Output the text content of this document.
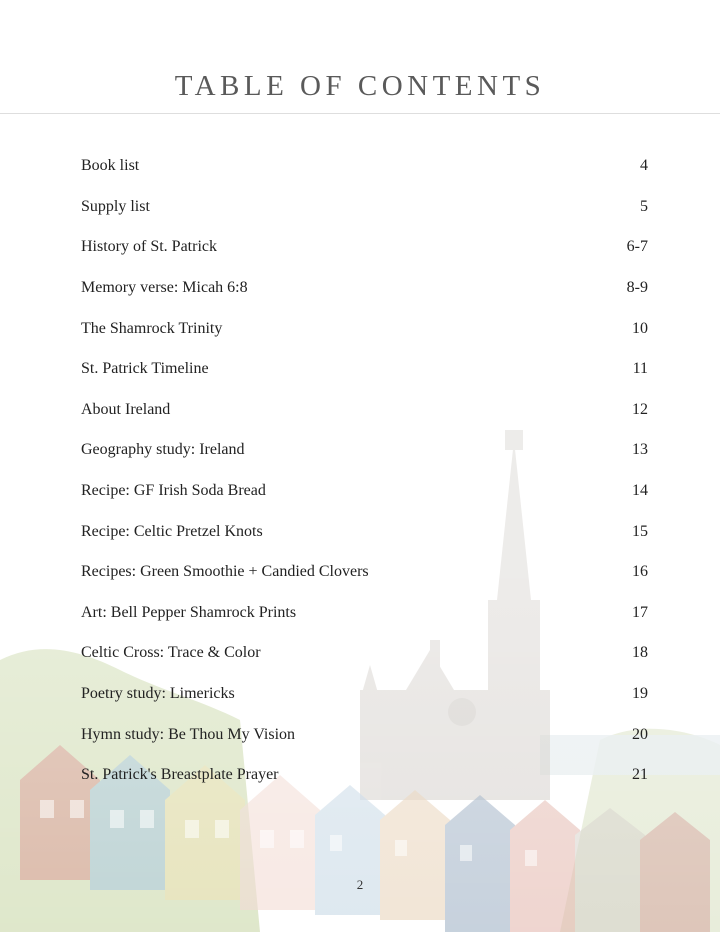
TABLE OF CONTENTS
Book list	4
Supply list	5
History of St. Patrick	6-7
Memory verse: Micah 6:8	8-9
The Shamrock Trinity	10
St. Patrick Timeline	11
About Ireland	12
Geography study: Ireland	13
Recipe: GF Irish Soda Bread	14
Recipe: Celtic Pretzel Knots	15
Recipes: Green Smoothie + Candied Clovers	16
Art: Bell Pepper Shamrock Prints	17
Celtic Cross: Trace & Color	18
Poetry study: Limericks	19
Hymn study: Be Thou My Vision	20
St. Patrick's Breastplate Prayer	21
2
